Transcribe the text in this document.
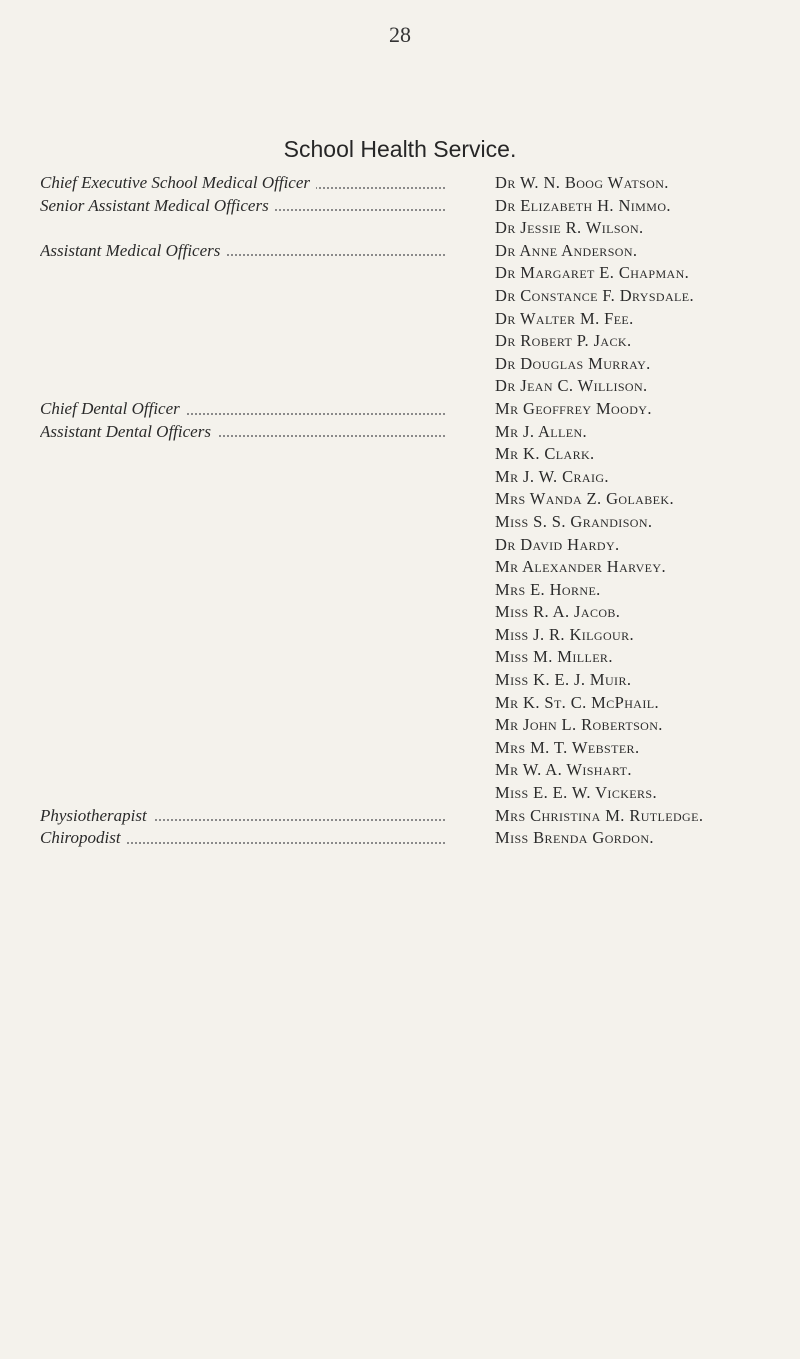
28
School Health Service.
Chief Executive School Medical Officer	Dr W. N. Boog Watson.
Senior Assistant Medical Officers	Dr Elizabeth H. Nimmo.
Dr Jessie R. Wilson.
Assistant Medical Officers	Dr Anne Anderson.
Dr Margaret E. Chapman.
Dr Constance F. Drysdale.
Dr Walter M. Fee.
Dr Robert P. Jack.
Dr Douglas Murray.
Dr Jean C. Willison.
Chief Dental Officer	Mr Geoffrey Moody.
Assistant Dental Officers	Mr J. Allen.
Mr K. Clark.
Mr J. W. Craig.
Mrs Wanda Z. Golabek.
Miss S. S. Grandison.
Dr David Hardy.
Mr Alexander Harvey.
Mrs E. Horne.
Miss R. A. Jacob.
Miss J. R. Kilgour.
Miss M. Miller.
Miss K. E. J. Muir.
Mr K. St. C. McPhail.
Mr John L. Robertson.
Mrs M. T. Webster.
Mr W. A. Wishart.
Miss E. E. W. Vickers.
Physiotherapist	Mrs Christina M. Rutledge.
Chiropodist	Miss Brenda Gordon.
